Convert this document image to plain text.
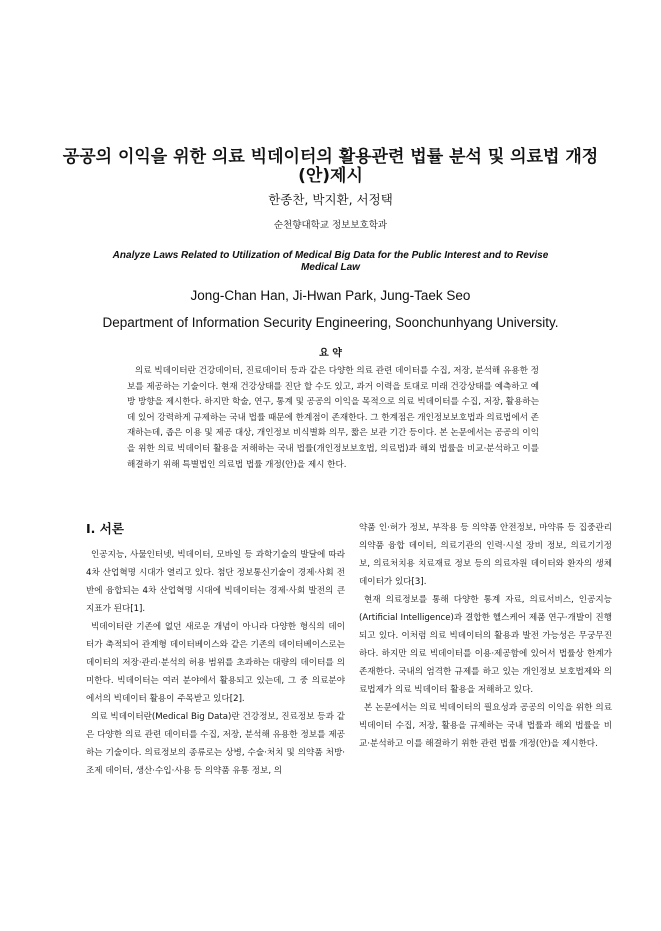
공공의 이익을 위한 의료 빅데이터의 활용관련 법률 분석 및 의료법 개정(안)제시
한종찬, 박지환, 서정택
순천향대학교 정보보호학과
Analyze Laws Related to Utilization of Medical Big Data for the Public Interest and to Revise Medical Law
Jong-Chan Han, Ji-Hwan Park, Jung-Taek Seo
Department of Information Security Engineering, Soonchunhyang University.
요 약
의료 빅데이터란 건강데이터, 진료데이터 등과 같은 다양한 의료 관련 데이터를 수집, 저장, 분석해 유용한 정보를 제공하는 기술이다. 현재 건강상태를 진단 할 수도 있고, 과거 이력을 토대로 미래 건강상태를 예측하고 예방 방향을 제시한다. 하지만 학술, 연구, 통계 및 공공의 이익을 목적으로 의료 빅데이터를 수집, 저장, 활용하는데 있어 강력하게 규제하는 국내 법률 때문에 한계점이 존재한다. 그 한계점은 개인정보보호법과 의료법에서 존재하는데, 좁은 이용 및 제공 대상, 개인정보 비식별화 의무, 짧은 보관 기간 등이다. 본 논문에서는 공공의 이익을 위한 의료 빅데이터 활용을 저해하는 국내 법률(개인정보보호법, 의료법)과 해외 법률을 비교·분석하고 이를 해결하기 위해 특별법인 의료법 법률 개정(안)을 제시 한다.
I. 서론

인공지능, 사물인터넷, 빅데이터, 모바일 등 과학기술의 발달에 따라 4차 산업혁명 시대가 열리고 있다. 첨단 정보통신기술이 경제·사회 전반에 융합되는 4차 산업혁명 시대에 빅데이터는 경제·사회 발전의 큰 지표가 된다[1].

빅데이터란 기존에 없던 새로운 개념이 아니라 다양한 형식의 데이터가 축적되어 관계형 데이터베이스와 같은 기존의 데이터베이스로는 데이터의 저장·관리·분석의 허용 범위를 초과하는 대량의 데이터를 의미한다. 빅데이터는 여러 분야에서 활용되고 있는데, 그 중 의료분야에서의 빅데이터 활용이 주목받고 있다[2].

의료 빅데이터란(Medical Big Data)란 건강정보, 진료정보 등과 같은 다양한 의료 관련 데이터를 수집, 저장, 분석해 유용한 정보를 제공하는 기술이다. 의료정보의 종류로는 상병, 수술·처치 및 의약품 처방·조제 데이터, 생산·수입·사용 등 의약품 유통 정보, 의

약품 인·허가 정보, 부작용 등 의약품 안전정보, 마약류 등 집중관리 의약품 융합 데이터, 의료기관의 인력·시설 장비 정보, 의료기기정보, 의료처치용 치료재료 정보 등의 의료자원 데이터와 환자의 생체 데이터가 있다[3].

현재 의료정보를 통해 다양한 통계 자료, 의료서비스, 인공지능(Artificial Intelligence)과 결합한 헬스케어 제품 연구·개발이 진행되고 있다. 이처럼 의료 빅데이터의 활용과 발전 가능성은 무궁무진하다. 하지만 의료 빅데이터를 이용·제공함에 있어서 법률상 한계가 존재한다. 국내의 엄격한 규제를 하고 있는 개인정보 보호법제와 의료법제가 의료 빅데이터 활용을 저해하고 있다.

본 논문에서는 의료 빅데이터의 필요성과 공공의 이익을 위한 의료 빅데이터 수집, 저장, 활용을 규제하는 국내 법률과 해외 법률을 비교·분석하고 이를 해결하기 위한 관련 법률 개정(안)을 제시한다.
